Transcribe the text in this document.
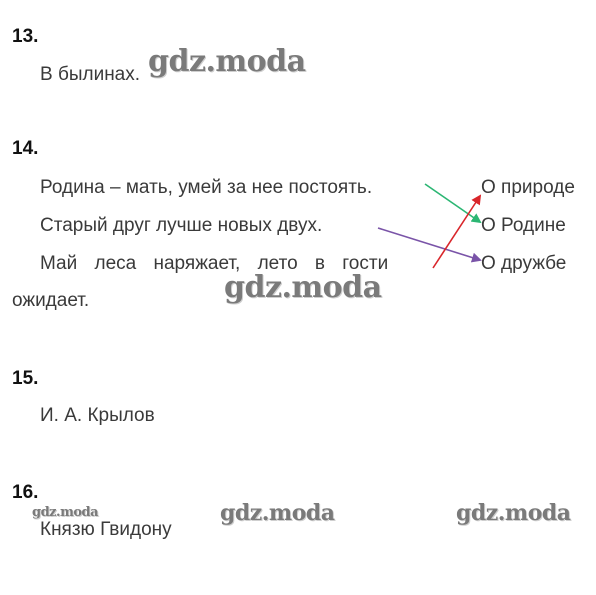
13.
В былинах. gdz.moda
14.
Родина – мать, умей за нее постоять.
Старый друг лучше новых двух.
Май леса наряжает, лето в гости
ожидает.
О природе
О Родине
О дружбе
gdz.moda
15.
И. А. Крылов
16.
gdz.moda	gdz.moda	gdz.moda
Князю Гвидону
